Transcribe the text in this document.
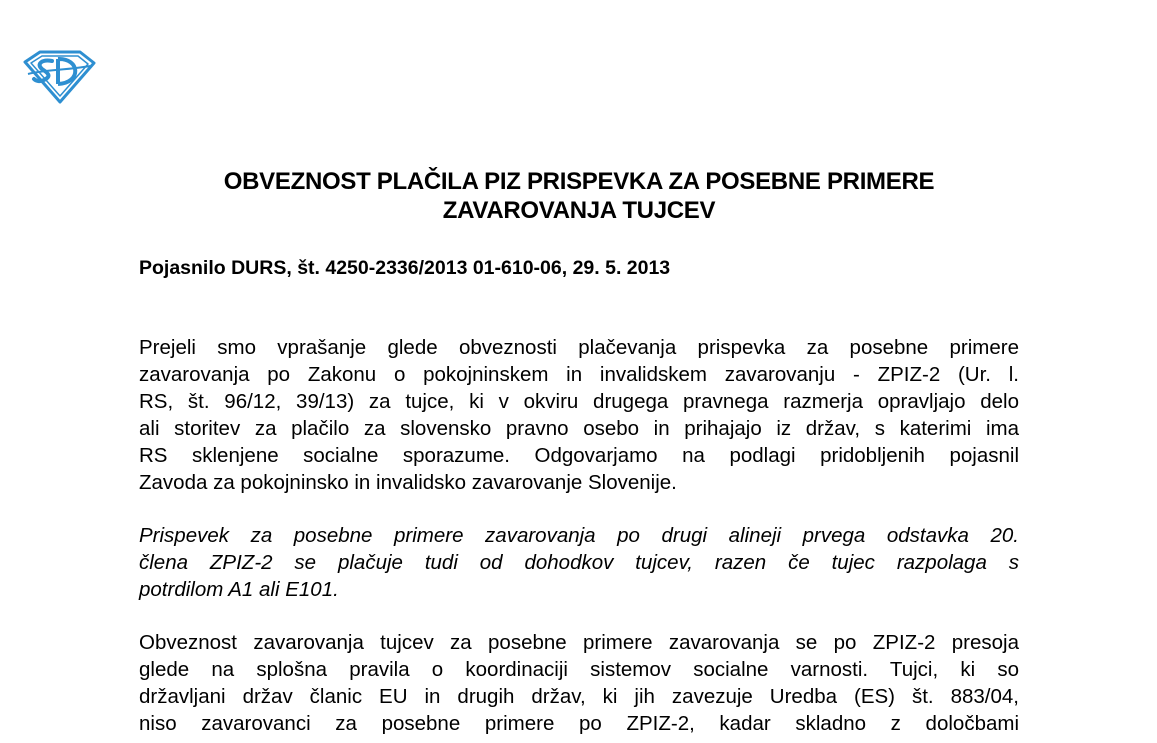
OBVEZNOST PLAČILA PIZ PRISPEVKA ZA POSEBNE PRIMERE
ZAVAROVANJA TUJCEV
Pojasnilo DURS, št. 4250-2336/2013 01-610-06, 29. 5. 2013
Prejeli smo vprašanje glede obveznosti plačevanja prispevka za posebne primere
zavarovanja po Zakonu o pokojninskem in invalidskem zavarovanju - ZPIZ-2 (Ur. l.
RS, št. 96/12, 39/13) za tujce, ki v okviru drugega pravnega razmerja opravljajo delo
ali storitev za plačilo za slovensko pravno osebo in prihajajo iz držav, s katerimi ima
RS sklenjene socialne sporazume. Odgovarjamo na podlagi pridobljenih pojasnil
Zavoda za pokojninsko in invalidsko zavarovanje Slovenije.
Prispevek za posebne primere zavarovanja po drugi alineji prvega odstavka 20.
člena ZPIZ-2 se plačuje tudi od dohodkov tujcev, razen če tujec razpolaga s
potrdilom A1 ali E101.
Obveznost zavarovanja tujcev za posebne primere zavarovanja se po ZPIZ-2 presoja
glede na splošna pravila o koordinaciji sistemov socialne varnosti. Tujci, ki so
državljani držav članic EU in drugih držav, ki jih zavezuje Uredba (ES) št. 883/04,
niso zavarovanci za posebne primere po ZPIZ-2, kadar skladno z določbami
